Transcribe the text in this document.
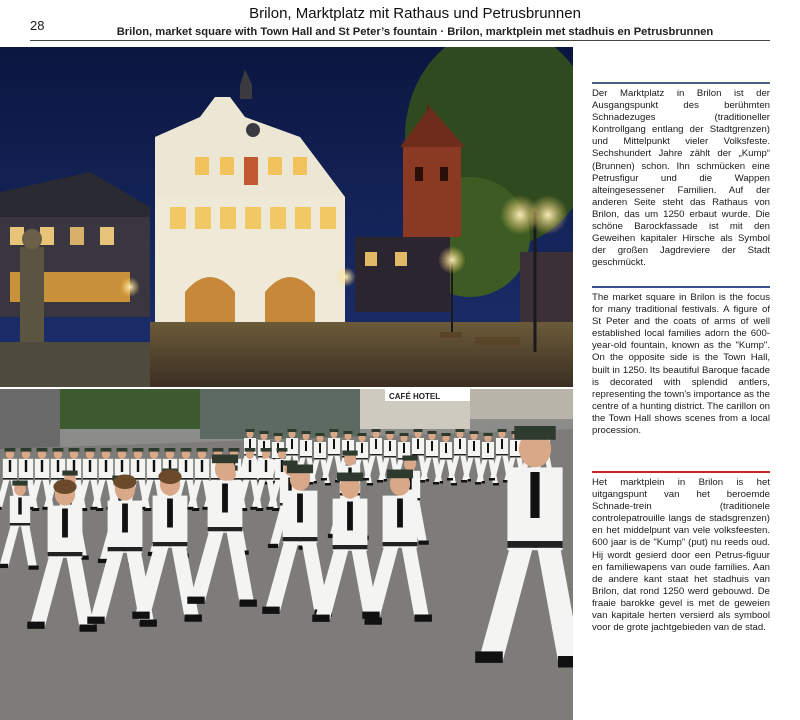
28
Brilon, Marktplatz mit Rathaus und Petrusbrunnen
Brilon, market square with Town Hall and St Peter’s fountain · Brilon, marktplein met stadhuis en Petrusbrunnen
CAFÉ HOTEL

Der Marktplatz in Brilon ist der Ausgangspunkt des berühmten Schnadezuges (traditioneller Kontrollgang entlang der Stadtgrenzen) und Mittelpunkt vieler Volksfeste. Sechshundert Jahre zählt der „Kump“ (Brunnen) schon. Ihn schmücken eine Petrusfigur und die Wappen alteingesessener Familien. Auf der anderen Seite steht das Rathaus von Brilon, das um 1250 erbaut wurde. Die schöne Barockfassade ist mit den Geweihen kapitaler Hirsche als Symbol der großen Jagdreviere der Stadt geschmückt.

The market square in Brilon is the focus for many traditional festivals. A figure of St Peter and the coats of arms of well established local families adorn the 600-year-old fountain, known as the "Kump". On the opposite side is the Town Hall, built in 1250. Its beautiful Baroque facade is decorated with splendid antlers, representing the town's importance as the centre of a hunting district. The carillon on the Town Hall shows scenes from a local procession.

Het marktplein in Brilon is het uitgangspunt van het beroemde Schnade-trein (traditionele controlepatrouille langs de stadsgrenzen) en het middelpunt van vele volksfeesten. 600 jaar is de "Kump" (put) nu reeds oud. Hij wordt gesierd door een Petrus-figuur en familiewapens van oude families. Aan de andere kant staat het stadhuis van Brilon, dat rond 1250 werd gebouwd. De fraaie barokke gevel is met de geweien van kapitale herten versierd als symbool voor de grote jachtgebieden van de stad.
